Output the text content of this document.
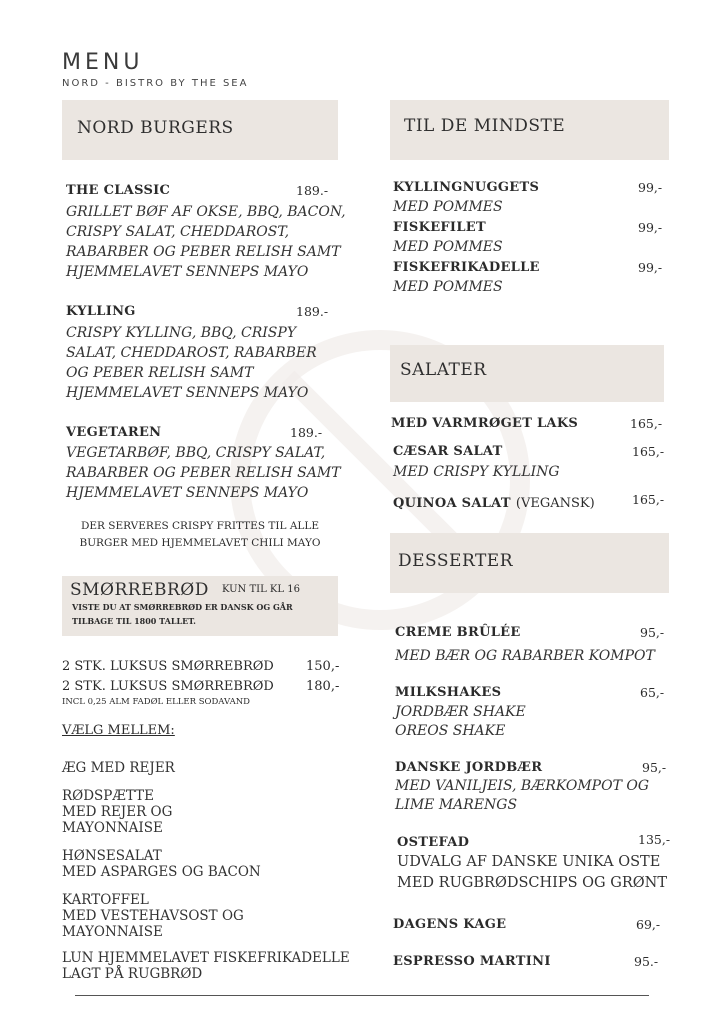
MENU
NORD - BISTRO BY THE SEA
NORD BURGERS
THE CLASSIC	189.-
GRILLET BØF AF OKSE, BBQ, BACON,
CRISPY SALAT, CHEDDAROST,
RABARBER OG PEBER RELISH SAMT
HJEMMELAVET SENNEPS MAYO
KYLLING	189.-
CRISPY KYLLING, BBQ, CRISPY
SALAT, CHEDDAROST, RABARBER
OG PEBER RELISH SAMT
HJEMMELAVET SENNEPS MAYO
VEGETAREN	189.-
VEGETARBØF, BBQ, CRISPY SALAT,
RABARBER OG PEBER RELISH SAMT
HJEMMELAVET SENNEPS MAYO
DER SERVERES CRISPY FRITTES TIL ALLE
BURGER MED HJEMMELAVET CHILI MAYO
SMØRREBRØD KUN TIL KL 16
VISTE DU AT SMØRREBRØD ER DANSK OG GÅR
TILBAGE TIL 1800 TALLET.
2 STK. LUKSUS SMØRREBRØD 150,-
2 STK. LUKSUS SMØRREBRØD 180,-
INCL 0,25 ALM FADØL ELLER SODAVAND
VÆLG MELLEM:
ÆG MED REJER
RØDSPÆTTE
MED REJER OG
MAYONNAISE
HØNSESALAT
MED ASPARGES OG BACON
KARTOFFEL
MED VESTEHAVSOST OG
MAYONNAISE
LUN HJEMMELAVET FISKEFRIKADELLE
LAGT PÅ RUGBRØD
TIL DE MINDSTE
KYLLINGNUGGETS	99,-
MED POMMES
FISKEFILET	99,-
MED POMMES
FISKEFRIKADELLE	99,-
MED POMMES
SALATER
MED VARMRØGET LAKS	165,-
CÆSAR SALAT	165,-
MED CRISPY KYLLING
QUINOA SALAT (VEGANSK)	165,-
DESSERTER
CREME BRÛLÉE	95,-
MED BÆR OG RABARBER KOMPOT
MILKSHAKES	65,-
JORDBÆR SHAKE
OREOS SHAKE
DANSKE JORDBÆR	95,-
MED VANILJEIS, BÆRKOMPOT OG
LIME MARENGS
OSTEFAD	135,-
UDVALG AF DANSKE UNIKA OSTE
MED RUGBRØDSCHIPS OG GRØNT
DAGENS KAGE	69,-
ESPRESSO MARTINI	95.-
